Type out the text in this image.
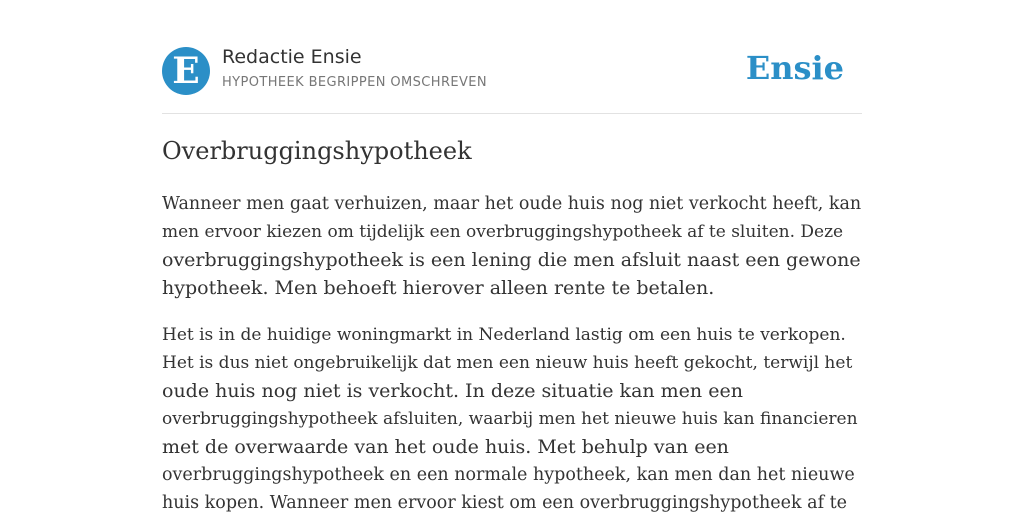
E	Redactie Ensie
HYPOTHEEK BEGRIPPEN OMSCHREVEN	Ensie
Overbruggingshypotheek

Wanneer men gaat verhuizen, maar het oude huis nog niet verkocht heeft, kan
men ervoor kiezen om tijdelijk een overbruggingshypotheek af te sluiten. Deze
overbruggingshypotheek is een lening die men afsluit naast een gewone
hypotheek. Men behoeft hierover alleen rente te betalen.

Het is in de huidige woningmarkt in Nederland lastig om een huis te verkopen.
Het is dus niet ongebruikelijk dat men een nieuw huis heeft gekocht, terwijl het
oude huis nog niet is verkocht. In deze situatie kan men een
overbruggingshypotheek afsluiten, waarbij men het nieuwe huis kan financieren
met de overwaarde van het oude huis. Met behulp van een
overbruggingshypotheek en een normale hypotheek, kan men dan het nieuwe
huis kopen. Wanneer men ervoor kiest om een overbruggingshypotheek af te
